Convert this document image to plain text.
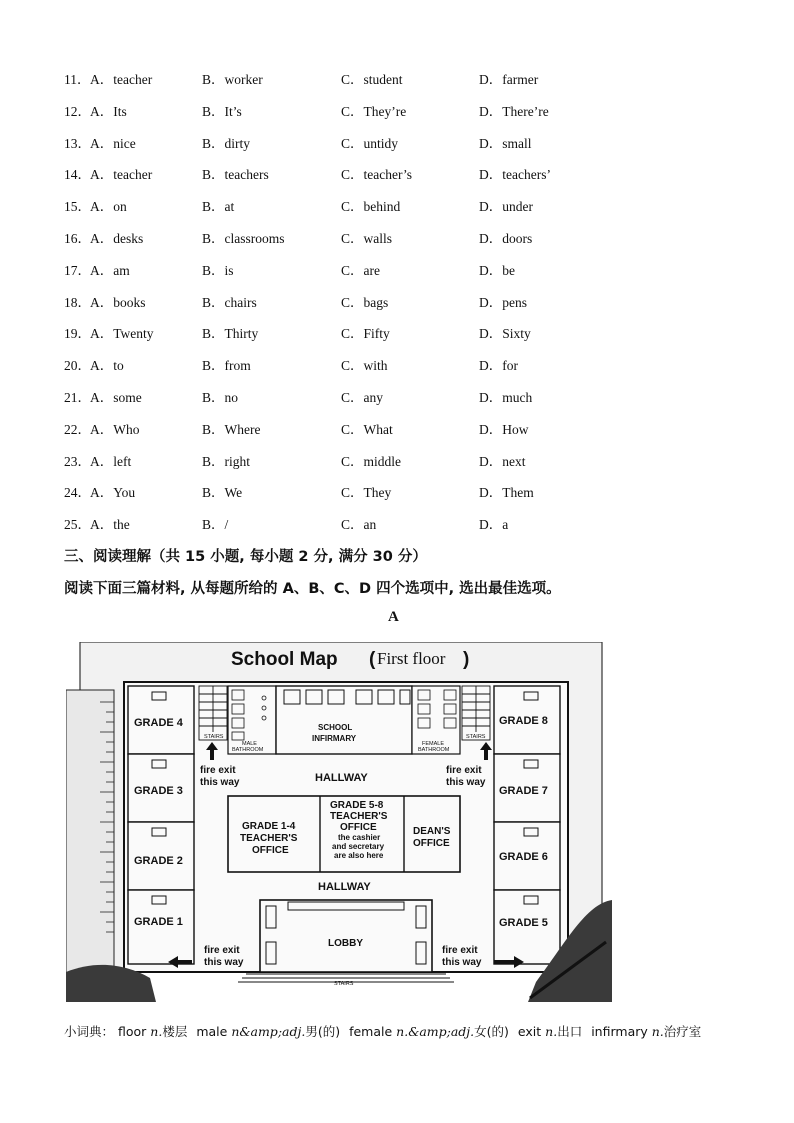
11． A．teacher	B．worker	C．student	D．farmer
12． A．Its	B．It’s	C．They’re	D．There’re
13． A．nice	B．dirty	C．untidy	D．small
14． A．teacher	B．teachers	C．teacher’s	D．teachers’
15． A．on	B．at	C．behind	D．under
16． A．desks	B．classrooms	C．walls	D．doors
17． A．am	B．is	C．are	D．be
18． A．books	B．chairs	C．bags	D．pens
19． A．Twenty	B．Thirty	C．Fifty	D．Sixty
20． A．to	B．from	C．with	D．for
21． A．some	B．no	C．any	D．much
22． A．Who	B．Where	C．What	D．How
23． A．left	B．right	C．middle	D．next
24． A．You	B．We	C．They	D．Them
25． A．the	B．/	C．an	D．a
三、阅读理解（共 15 小题, 每小题 2 分, 满分 30 分）
阅读下面三篇材料, 从每题所给的 A、B、C、D 四个选项中, 选出最佳选项。
A
School Map ( First floor )
GRADE 4
GRADE 3
GRADE 2
GRADE 1
GRADE 8
GRADE 7
GRADE 6
GRADE 5
STAIRS	STAIRS
MALE
BATHROOM
SCHOOL
INFIRMARY
FEMALE
BATHROOM
fire exit
this way
fire exit
this way
HALLWAY
GRADE 1-4
TEACHER'S
OFFICE
GRADE 5-8
TEACHER'S
OFFICE
the cashier
and secretary
are also here
DEAN'S
OFFICE
HALLWAY
LOBBY
STAIRS
fire exit
this way
fire exit
this way
小词典： floor n.楼层 male n&amp;adj.男(的) female n.&amp;adj.女(的) exit n.出口 infirmary n.治疗室
